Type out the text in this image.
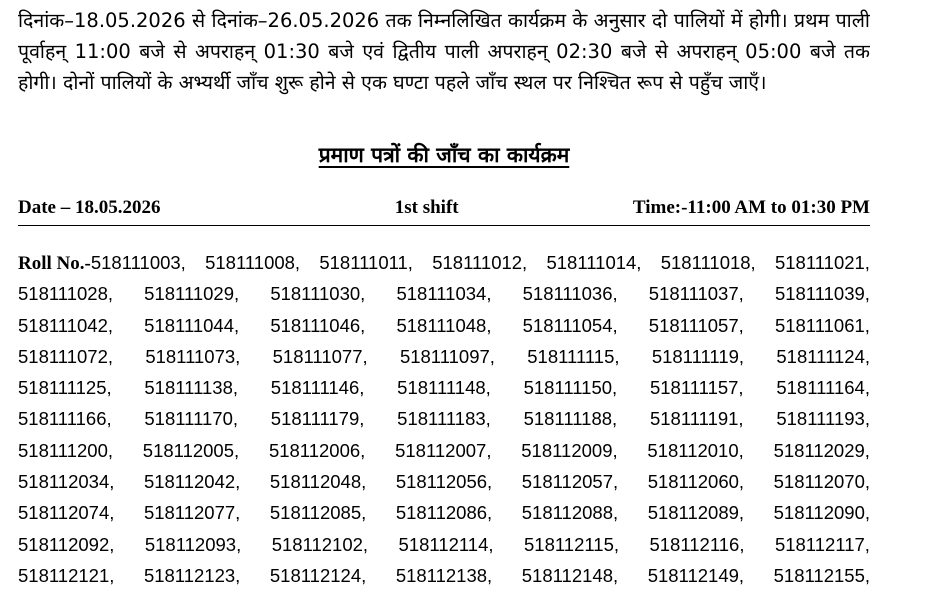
दिनांक–18.05.2026 से दिनांक–26.05.2026 तक निम्नलिखित कार्यक्रम के अनुसार दो पालियों में होगी। प्रथम पाली पूर्वाहन् 11:00 बजे से अपराहन् 01:30 बजे एवं द्वितीय पाली अपराहन् 02:30 बजे से अपराहन् 05:00 बजे तक होगी। दोनों पालियों के अभ्यर्थी जाँच शुरू होने से एक घण्टा पहले जाँच स्थल पर निश्चित रूप से पहुँच जाएँ।

प्रमाण पत्रों की जाँच का कार्यक्रम
Date – 18.05.2026	1st shift	Time:-11:00 AM to 01:30 PM
Roll No.-518111003, 518111008, 518111011, 518111012, 518111014, 518111018, 518111021,
518111028, 518111029, 518111030, 518111034, 518111036, 518111037, 518111039,
518111042, 518111044, 518111046, 518111048, 518111054, 518111057, 518111061,
518111072, 518111073, 518111077, 518111097, 518111115, 518111119, 518111124,
518111125, 518111138, 518111146, 518111148, 518111150, 518111157, 518111164,
518111166, 518111170, 518111179, 518111183, 518111188, 518111191, 518111193,
518111200, 518112005, 518112006, 518112007, 518112009, 518112010, 518112029,
518112034, 518112042, 518112048, 518112056, 518112057, 518112060, 518112070,
518112074, 518112077, 518112085, 518112086, 518112088, 518112089, 518112090,
518112092, 518112093, 518112102, 518112114, 518112115, 518112116, 518112117,
518112121, 518112123, 518112124, 518112138, 518112148, 518112149, 518112155,
